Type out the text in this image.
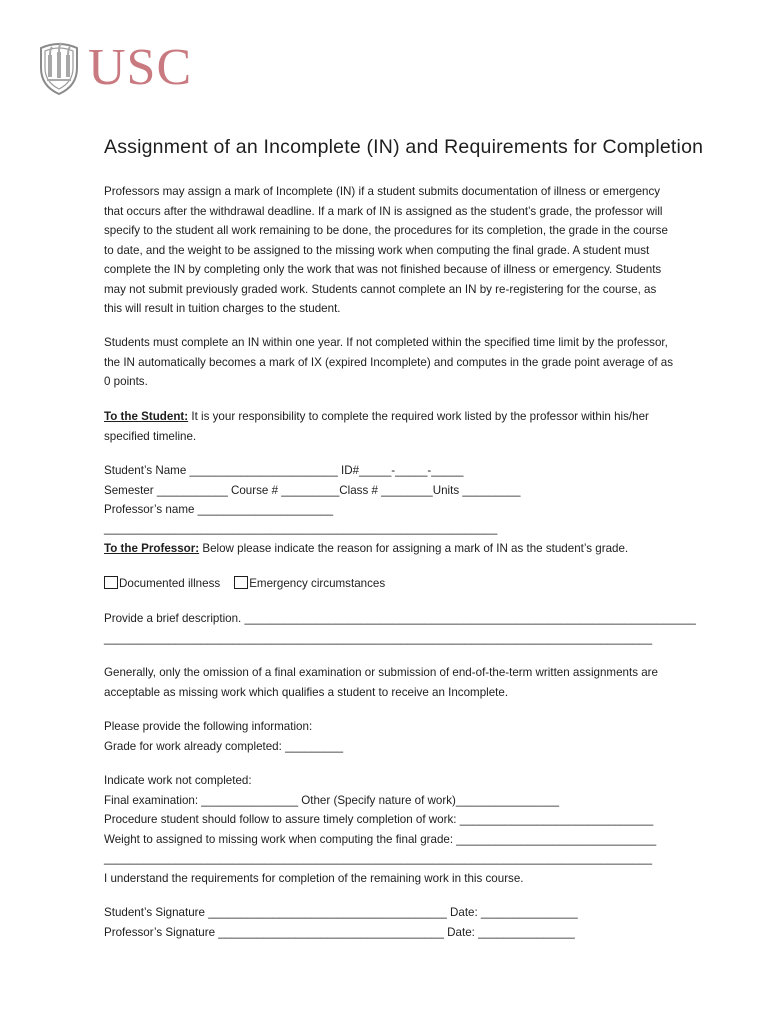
USC
Assignment of an Incomplete (IN) and Requirements for Completion

Professors may assign a mark of Incomplete (IN) if a student submits documentation of illness or emergency that occurs after the withdrawal deadline. If a mark of IN is assigned as the student’s grade, the professor will specify to the student all work remaining to be done, the procedures for its completion, the grade in the course to date, and the weight to be assigned to the missing work when computing the final grade. A student must complete the IN by completing only the work that was not finished because of illness or emergency. Students may not submit previously graded work. Students cannot complete an IN by re-registering for the course, as this will result in tuition charges to the student.

Students must complete an IN within one year. If not completed within the specified time limit by the professor, the IN automatically becomes a mark of IX (expired Incomplete) and computes in the grade point average of as 0 points.

To the Student: It is your responsibility to complete the required work listed by the professor within his/her specified timeline.

Student’s Name _______________________ ID#_____-_____-_____

Semester ___________ Course # _________Class # ________Units _________

Professor’s name _____________________

_____________________________________________________________

To the Professor: Below please indicate the reason for assigning a mark of IN as the student’s grade.

Documented illness	Emergency circumstances

Provide a brief description. ______________________________________________________________________

_____________________________________________________________________________________

Generally, only the omission of a final examination or submission of end-of-the-term written assignments are acceptable as missing work which qualifies a student to receive an Incomplete.

Please provide the following information:

Grade for work already completed: _________

Indicate work not completed:

Final examination: _______________ Other (Specify nature of work)________________

Procedure student should follow to assure timely completion of work: ______________________________

Weight to assigned to missing work when computing the final grade: _______________________________

_____________________________________________________________________________________

I understand the requirements for completion of the remaining work in this course.

Student’s Signature _____________________________________ Date: _______________

Professor’s Signature ___________________________________ Date: _______________
